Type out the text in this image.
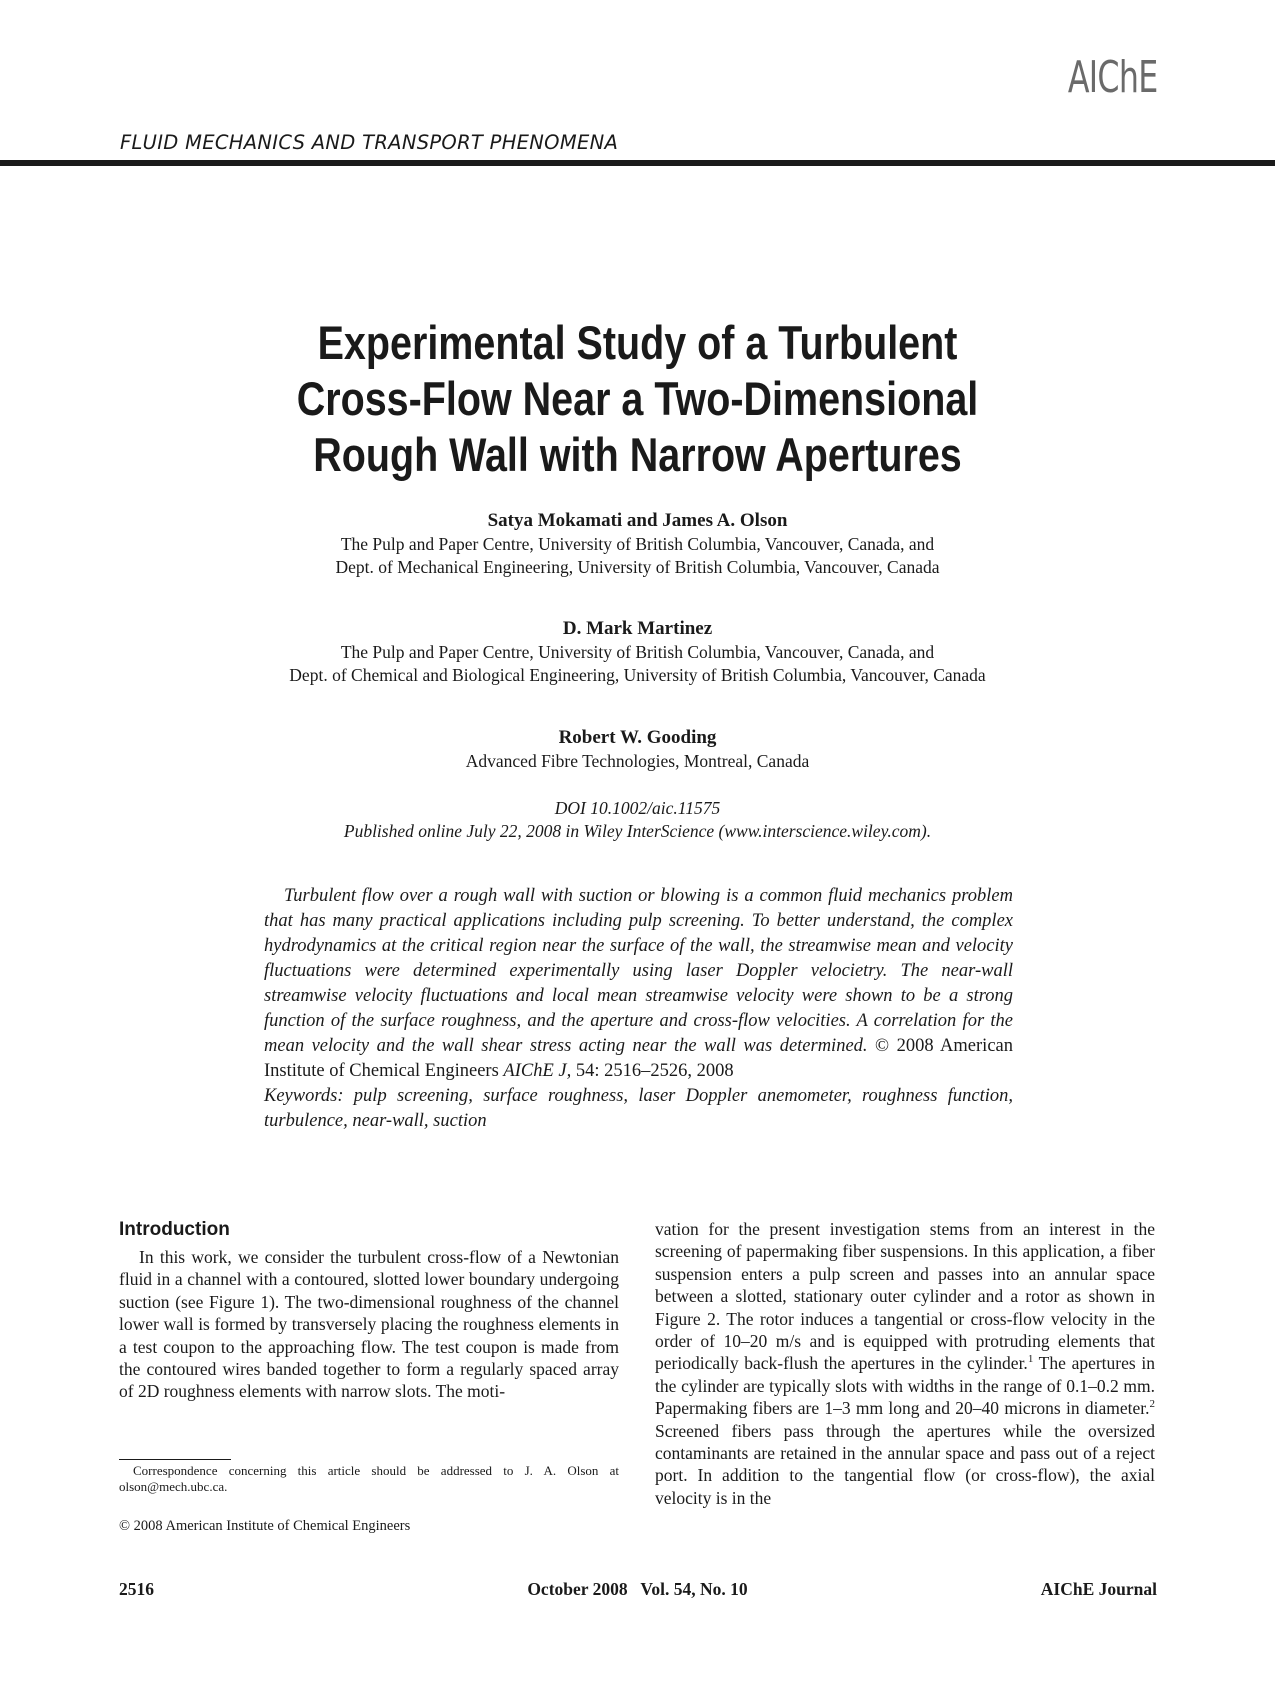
AIChE
FLUID MECHANICS AND TRANSPORT PHENOMENA
Experimental Study of a Turbulent
Cross-Flow Near a Two-Dimensional
Rough Wall with Narrow Apertures
Satya Mokamati and James A. Olson
The Pulp and Paper Centre, University of British Columbia, Vancouver, Canada, and
Dept. of Mechanical Engineering, University of British Columbia, Vancouver, Canada
D. Mark Martinez
The Pulp and Paper Centre, University of British Columbia, Vancouver, Canada, and
Dept. of Chemical and Biological Engineering, University of British Columbia, Vancouver, Canada
Robert W. Gooding
Advanced Fibre Technologies, Montreal, Canada
DOI 10.1002/aic.11575
Published online July 22, 2008 in Wiley InterScience (www.interscience.wiley.com).

Turbulent flow over a rough wall with suction or blowing is a common fluid mechanics problem that has many practical applications including pulp screening. To better understand, the complex hydrodynamics at the critical region near the surface of the wall, the streamwise mean and velocity fluctuations were determined experimentally using laser Doppler velocietry. The near-wall streamwise velocity fluctuations and local mean streamwise velocity were shown to be a strong function of the surface roughness, and the aperture and cross-flow velocities. A correlation for the mean velocity and the wall shear stress acting near the wall was determined. © 2008 American Institute of Chemical Engineers AIChE J, 54: 2516–2526, 2008

Keywords: pulp screening, surface roughness, laser Doppler anemometer, roughness function, turbulence, near-wall, suction
Introduction

In this work, we consider the turbulent cross-flow of a Newtonian fluid in a channel with a contoured, slotted lower boundary undergoing suction (see Figure 1). The two-dimensional roughness of the channel lower wall is formed by transversely placing the roughness elements in a test coupon to the approaching flow. The test coupon is made from the contoured wires banded together to form a regularly spaced array of 2D roughness elements with narrow slots. The moti-

vation for the present investigation stems from an interest in the screening of papermaking fiber suspensions. In this application, a fiber suspension enters a pulp screen and passes into an annular space between a slotted, stationary outer cylinder and a rotor as shown in Figure 2. The rotor induces a tangential or cross-flow velocity in the order of 10–20 m/s and is equipped with protruding elements that periodically back-flush the apertures in the cylinder.$^1$ The apertures in the cylinder are typically slots with widths in the range of 0.1–0.2 mm. Papermaking fibers are 1–3 mm long and 20–40 microns in diameter.$^2$ Screened fibers pass through the apertures while the oversized contaminants are retained in the annular space and pass out of a reject port. In addition to the tangential flow (or cross-flow), the axial velocity is in the

Correspondence concerning this article should be addressed to J. A. Olson at olson@mech.ubc.ca.

© 2008 American Institute of Chemical Engineers
2516	October 2008   Vol. 54, No. 10	AIChE Journal
